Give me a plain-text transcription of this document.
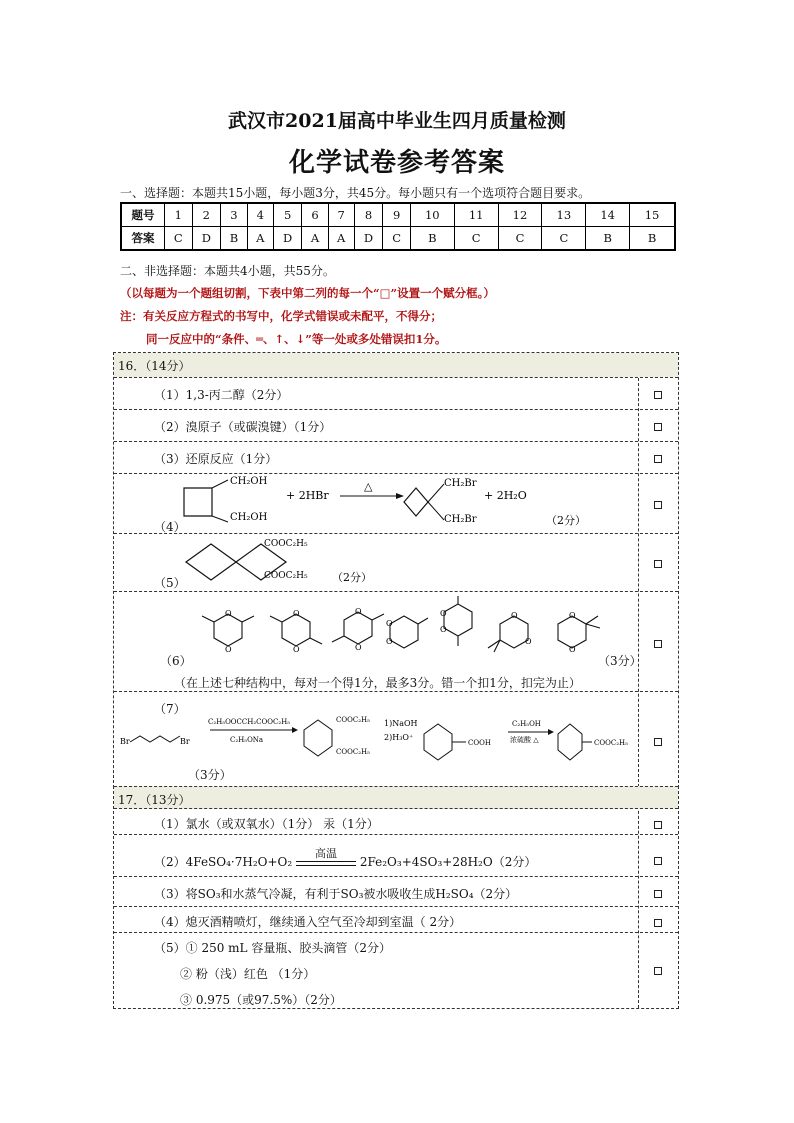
武汉市2021届高中毕业生四月质量检测
化学试卷参考答案
一、选择题：本题共15小题，每小题3分，共45分。每小题只有一个选项符合题目要求。
题号	1	2	3	4	5	6	7	8	9	10	11	12	13	14	15
答案	C	D	B	A	D	A	A	D	C	B	C	C	C	B	B
二、非选择题：本题共4小题，共55分。
（以每题为一个题组切割，下表中第二列的每一个“□”设置一个赋分框。）
注：有关反应方程式的书写中，化学式错误或未配平，不得分；
同一反应中的“条件、═、↑、↓”等一处或多处错误扣1分。
16．（14分）
（1）1,3-丙二醇（2分）
（2）溴原子（或碳溴键）（1分）
（3）还原反应（1分）
（4）
CH₂OH
CH₂OH
+ 2HBr
△	CH₂Br
CH₂Br
+ 2H₂O
（2分）
（5）
COOC₂H₅
COOC₂H₅ （2分）
（6）
O
O
O
O
O
O
O
O
O
O
O
O
O
O
（3分）
（在上述七种结构中，每对一个得1分，最多3分。错一个扣1分，扣完为止）
（7）
Br	Br
C₂H₅OOCCH₂COOC₂H₅
C₂H₅ONa
COOC₂H₅
COOC₂H₅
1)NaOH
2)H₃O⁺
COOH
C₂H₅OH
浓硫酸 △	COOC₂H₅
（3分）
17．（13分）
（1）氯水（或双氧水）（1分） 汞（1分）
（2）4FeSO₄·7H₂O+O₂
高温
2Fe₂O₃+4SO₃+28H₂O（2分）
（3）将SO₃和水蒸气冷凝，有利于SO₃被水吸收生成H₂SO₄（2分）
（4）熄灭酒精喷灯，继续通入空气至冷却到室温（ 2分）
（5）① 250 mL 容量瓶、胶头滴管（2分）
② 粉（浅）红色 （1分）
③ 0.975（或97.5%）（2分）
